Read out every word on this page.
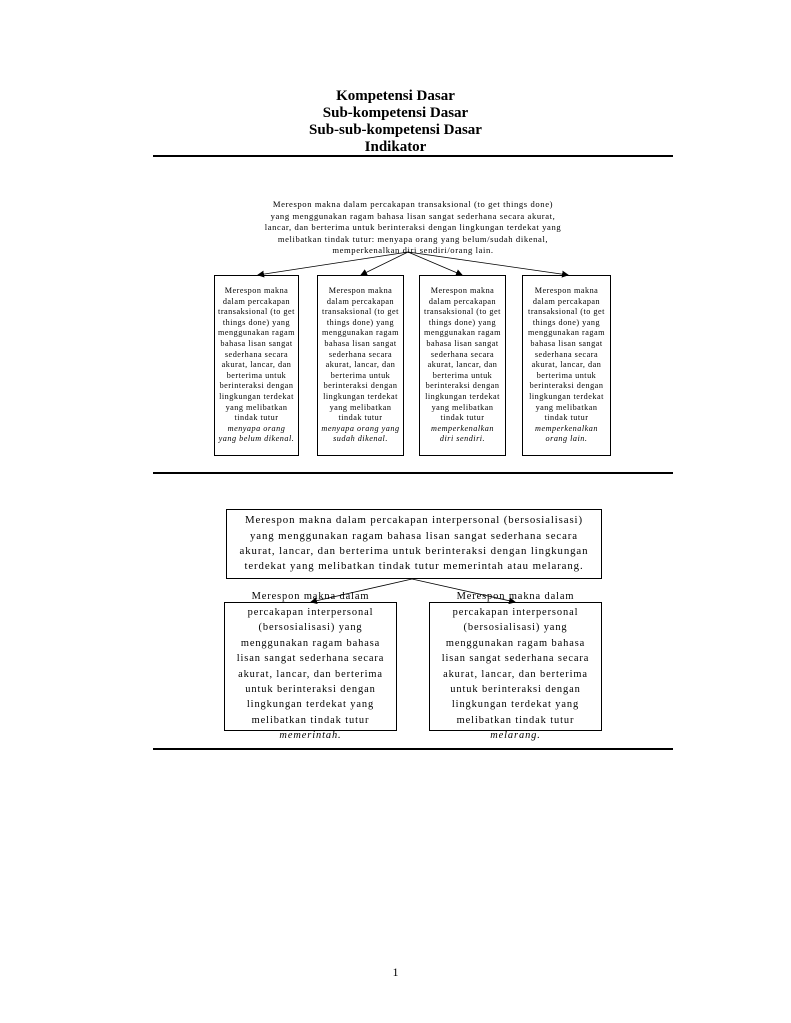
Kompetensi Dasar
Sub-kompetensi Dasar
Sub-sub-kompetensi Dasar
Indikator
Merespon makna dalam percakapan transaksional (to get things done)
yang menggunakan ragam bahasa lisan sangat sederhana secara akurat,
lancar, dan berterima untuk berinteraksi dengan lingkungan terdekat yang
melibatkan tindak tutur: menyapa orang yang belum/sudah dikenal,
memperkenalkan diri sendiri/orang lain.
Merespon makna dalam percakapan transaksional (to get things done) yang menggunakan ragam bahasa lisan sangat sederhana secara akurat, lancar, dan berterima untuk berinteraksi dengan lingkungan terdekat yang melibatkan tindak tutur
menyapa orang yang belum dikenal.
Merespon makna dalam percakapan transaksional (to get things done) yang menggunakan ragam bahasa lisan sangat sederhana secara akurat, lancar, dan berterima untuk berinteraksi dengan lingkungan terdekat yang melibatkan tindak tutur
menyapa orang yang sudah dikenal.
Merespon makna dalam percakapan transaksional (to get things done) yang menggunakan ragam bahasa lisan sangat sederhana secara akurat, lancar, dan berterima untuk berinteraksi dengan lingkungan terdekat yang melibatkan tindak tutur
memperkenalkan diri sendiri.
Merespon makna dalam percakapan transaksional (to get things done) yang menggunakan ragam bahasa lisan sangat sederhana secara akurat, lancar, dan berterima untuk berinteraksi dengan lingkungan terdekat yang melibatkan tindak tutur
memperkenalkan orang lain.
Merespon makna dalam percakapan interpersonal (bersosialisasi) yang menggunakan ragam bahasa lisan sangat sederhana secara akurat, lancar, dan berterima untuk berinteraksi dengan lingkungan terdekat yang melibatkan tindak tutur memerintah atau melarang.
Merespon makna dalam percakapan interpersonal (bersosialisasi) yang menggunakan ragam bahasa lisan sangat sederhana secara akurat, lancar, dan berterima untuk berinteraksi dengan lingkungan terdekat yang melibatkan tindak tutur
memerintah.
Merespon makna dalam percakapan interpersonal (bersosialisasi) yang menggunakan ragam bahasa lisan sangat sederhana secara akurat, lancar, dan berterima untuk berinteraksi dengan lingkungan terdekat yang melibatkan tindak tutur
melarang.
1
